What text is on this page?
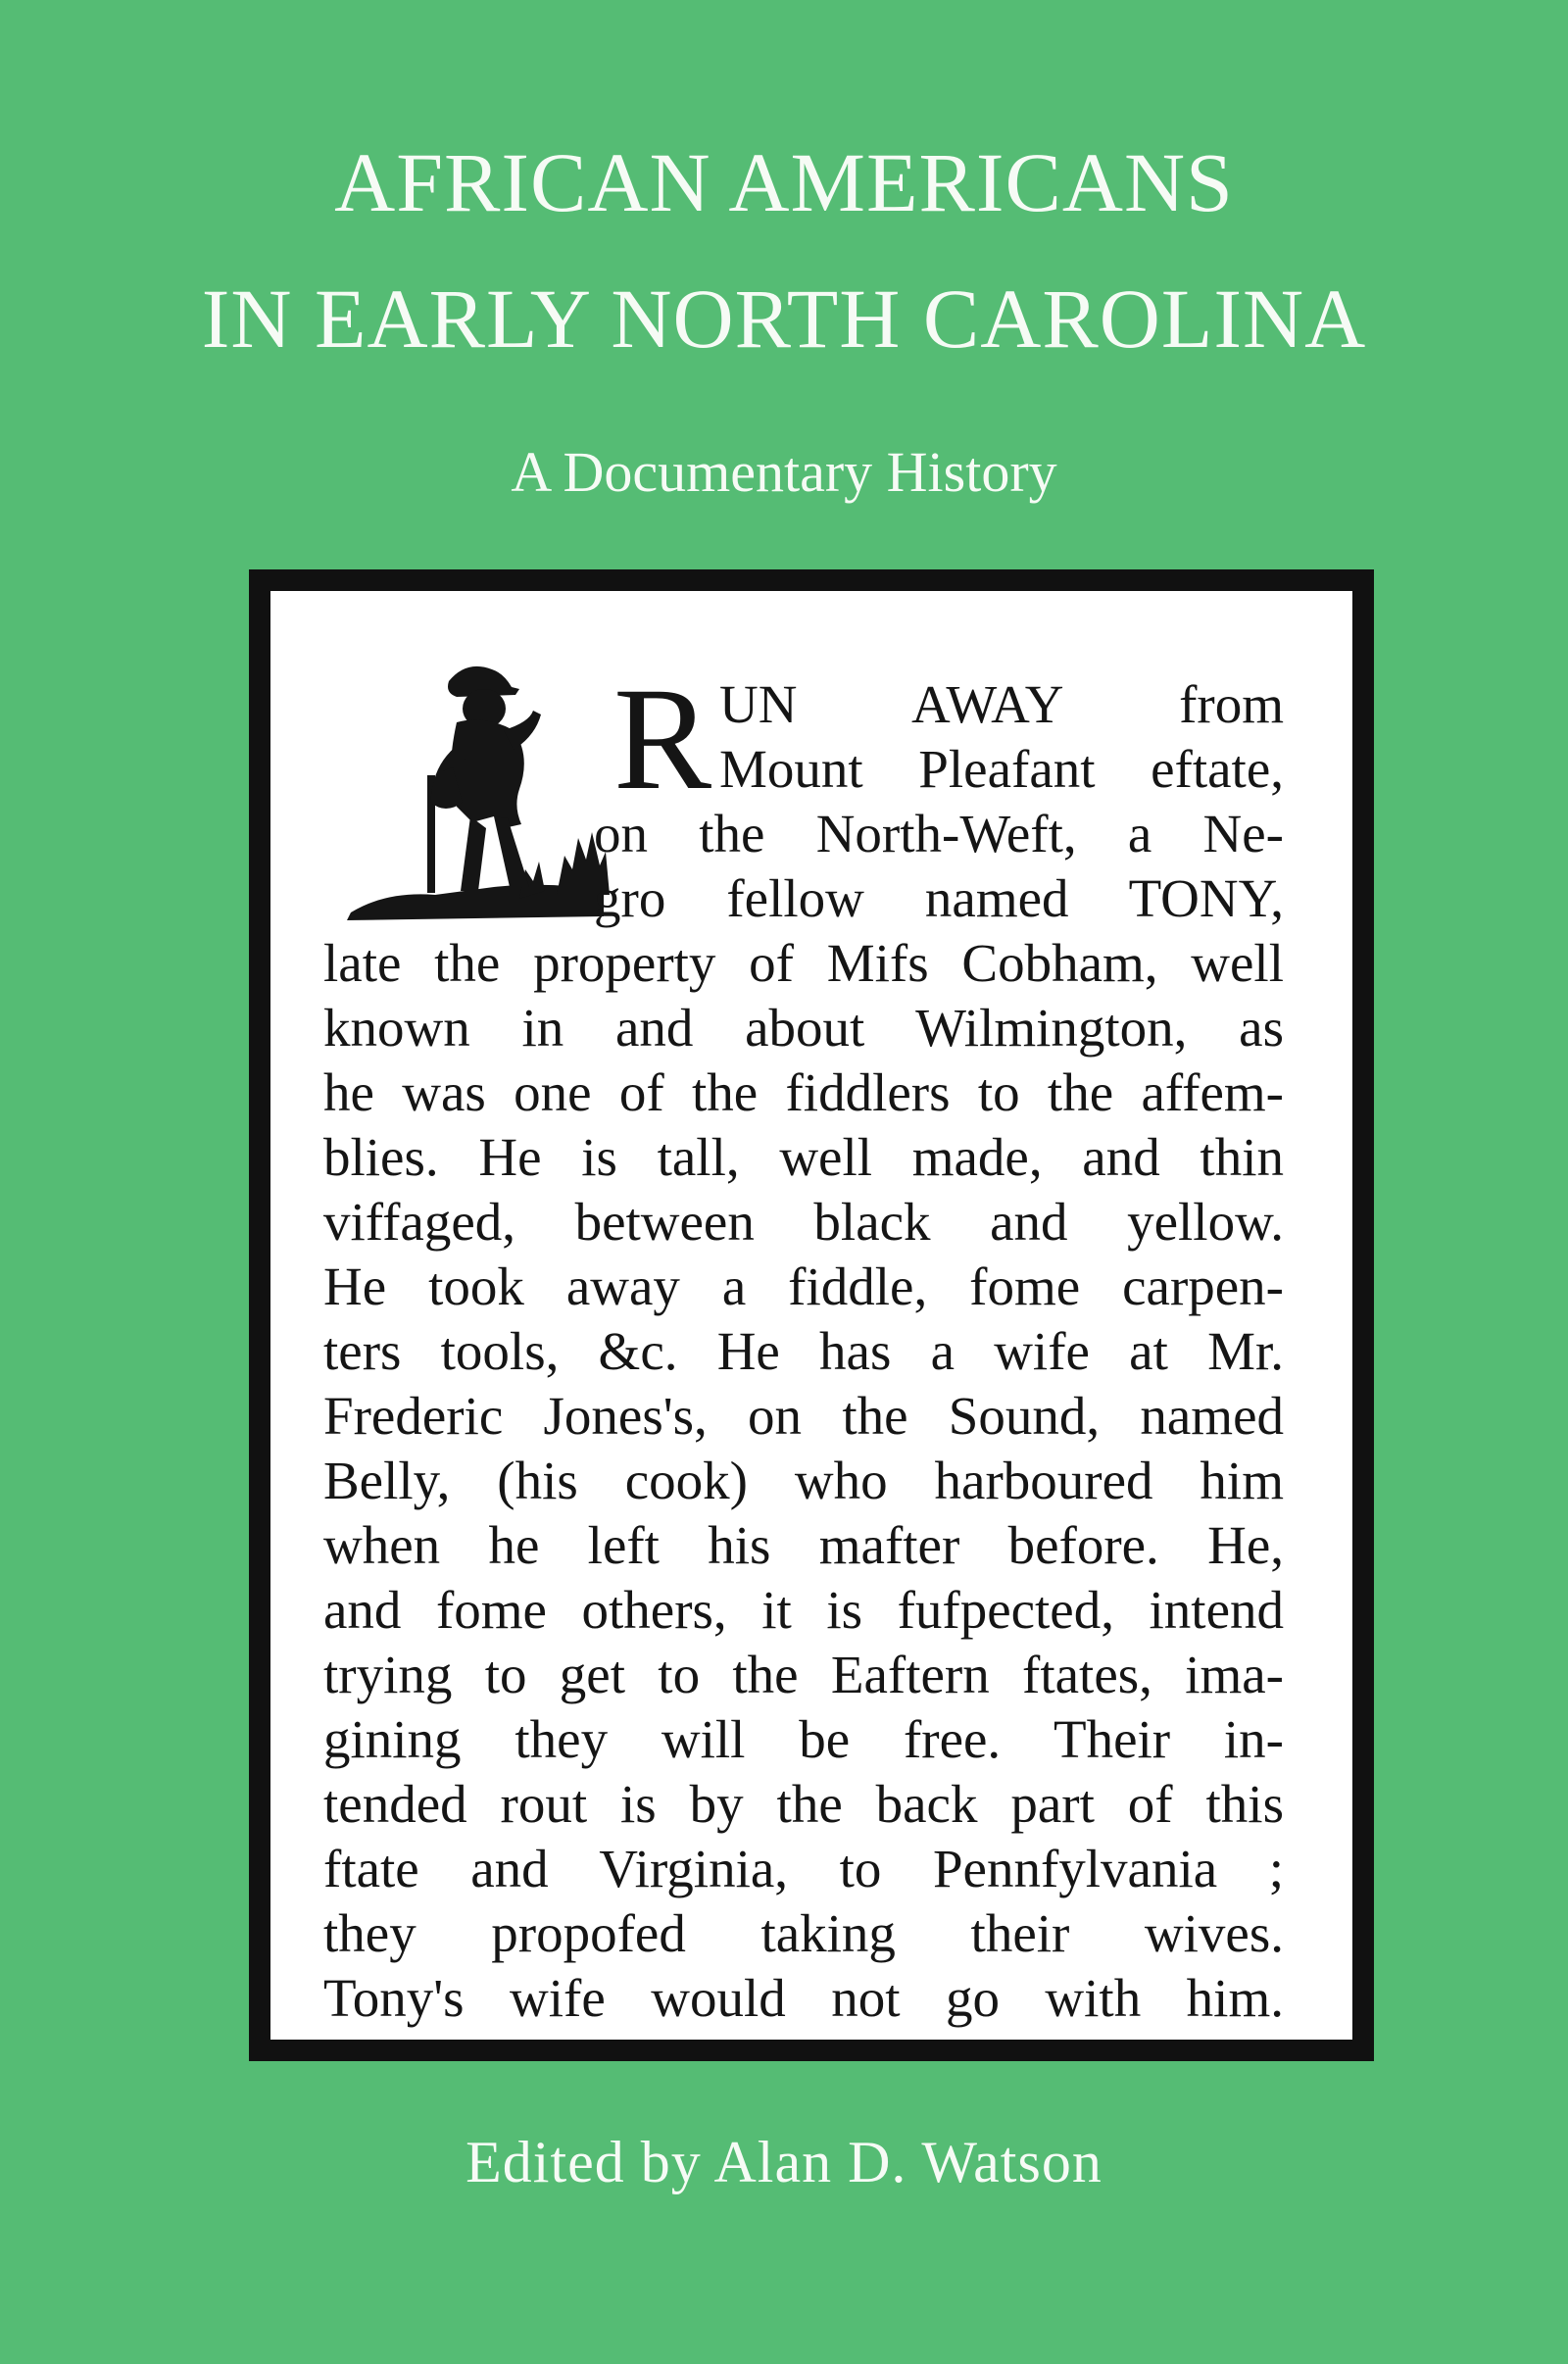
AFRICAN AMERICANS
IN EARLY NORTH CAROLINA
A Documentary History
R UN AWAY from
Mount Pleafant eftate,
on the North-Weft, a Ne-
gro fellow named TONY,
late the property of Mifs Cobham, well
known in and about Wilmington, as
he was one of the fiddlers to the affem-
blies. He is tall, well made, and thin
viffaged, between black and yellow.
He took away a fiddle, fome carpen-
ters tools, &c. He has a wife at Mr.
Frederic Jones's, on the Sound, named
Belly, (his cook) who harboured him
when he left his mafter before. He,
and fome others, it is fufpected, intend
trying to get to the Eaftern ftates, ima-
gining they will be free. Their in-
tended rout is by the back part of this
ftate and Virginia, to Pennfylvania ;
they propofed taking their wives.
Tony's wife would not go with him.
Edited by Alan D. Watson
